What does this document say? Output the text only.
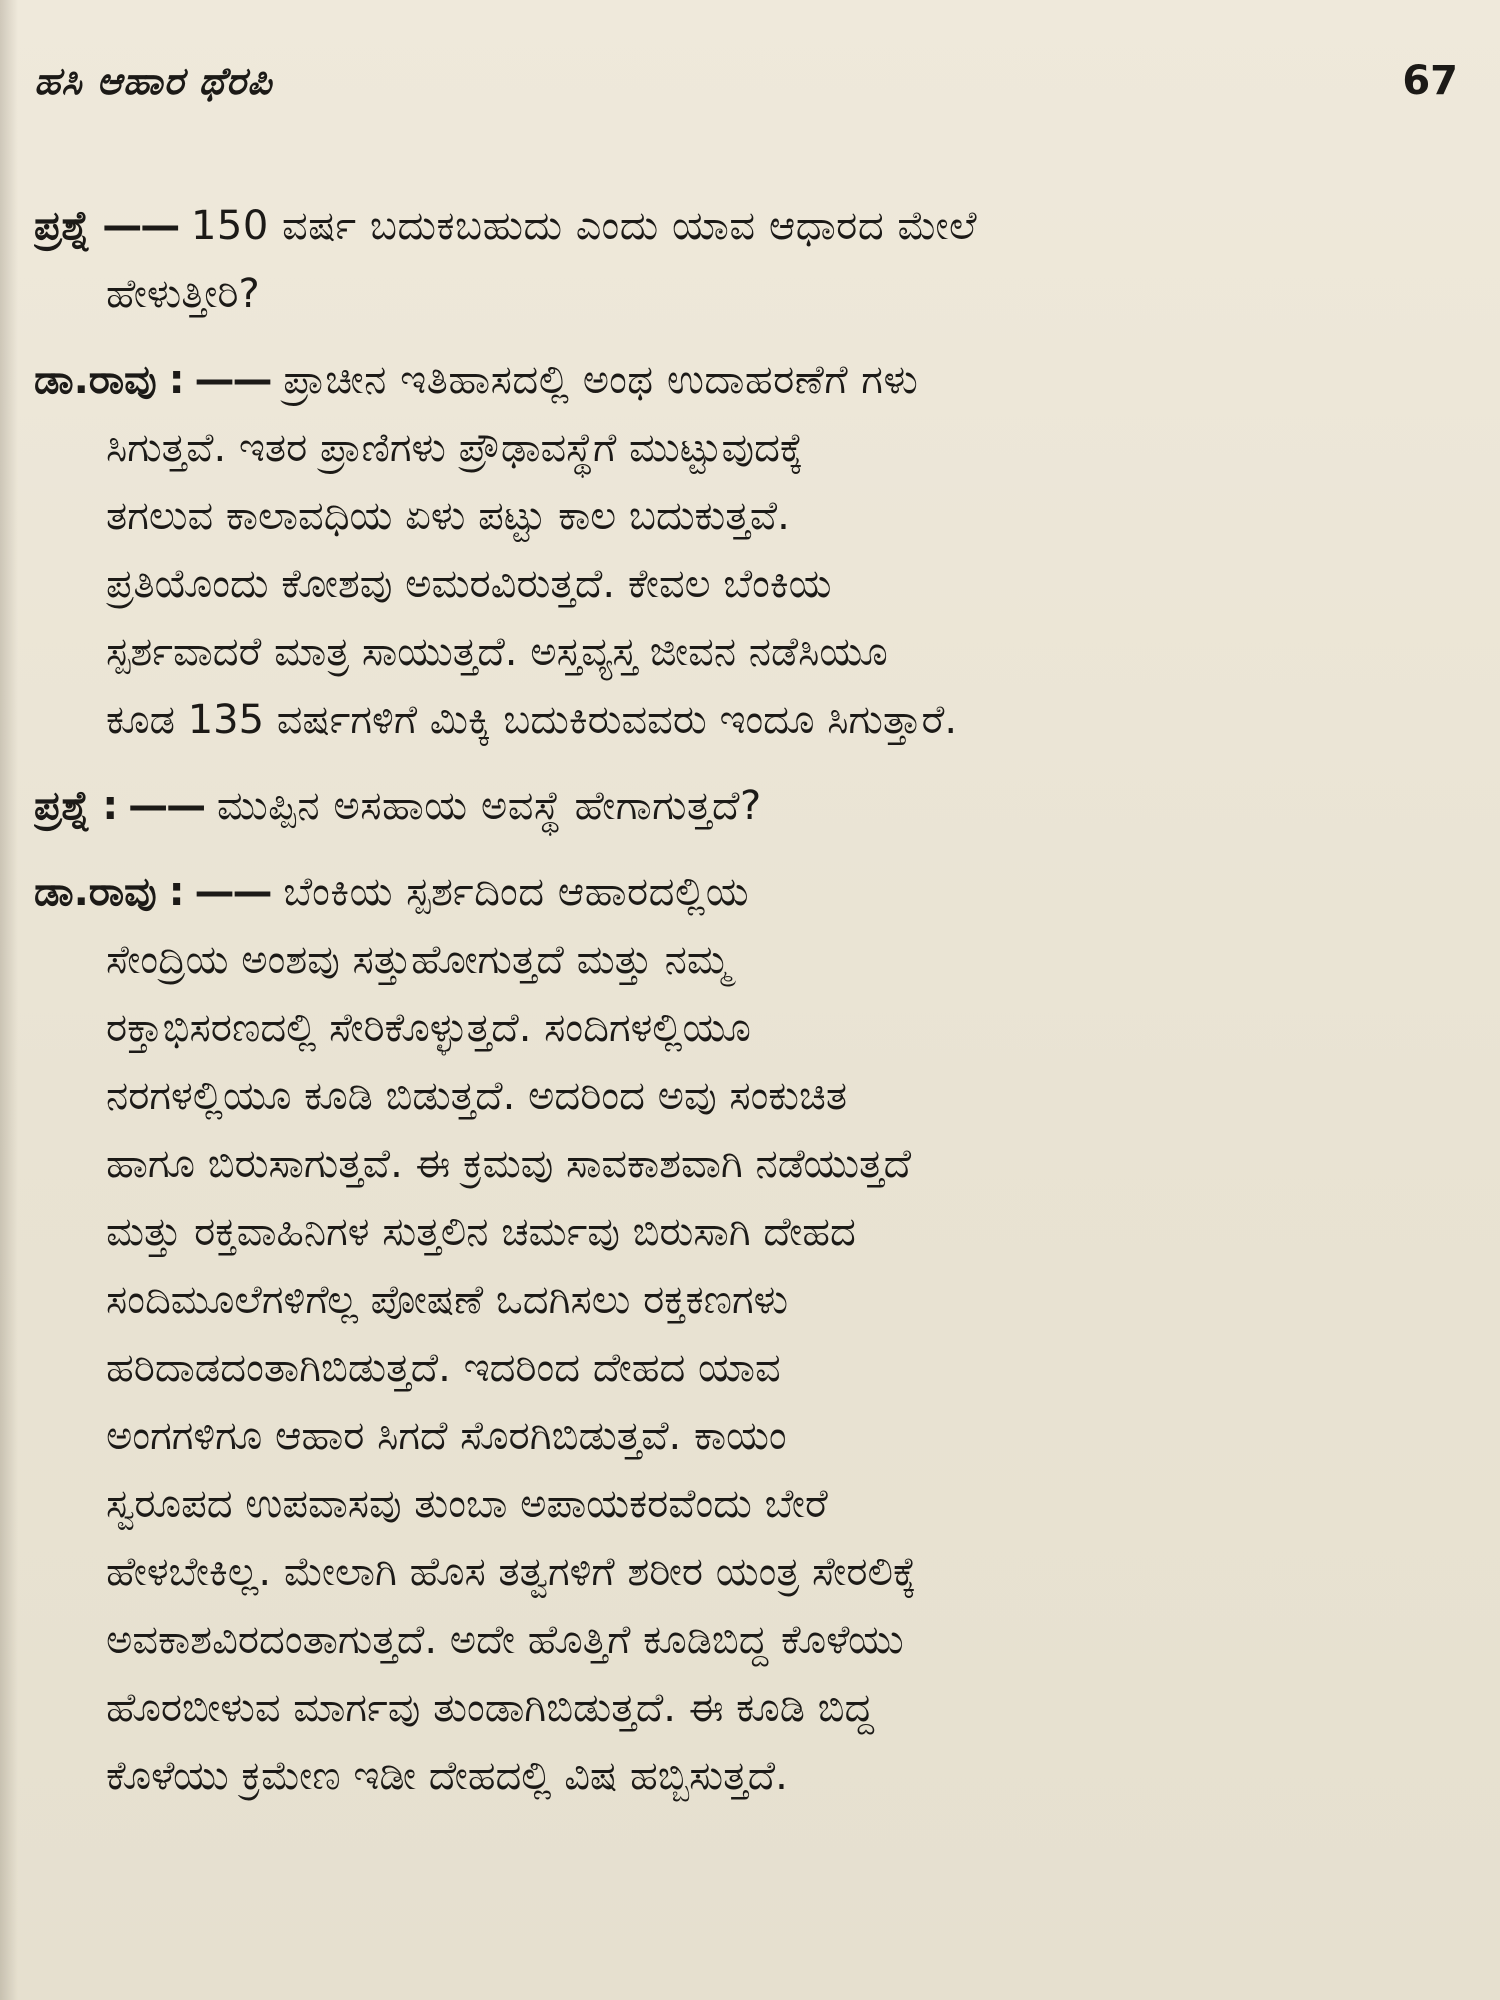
ಹಸಿ ಆಹಾರ ಥೆರಪಿ	67
ಪ್ರಶ್ನೆ —— 150 ವರ್ಷ ಬದುಕಬಹುದು ಎಂದು ಯಾವ ಆಧಾರದ ಮೇಲೆ
ಹೇಳುತ್ತೀರಿ?
ಡಾ.ರಾವು : —— ಪ್ರಾಚೀನ ಇತಿಹಾಸದಲ್ಲಿ ಅಂಥ ಉದಾಹರಣೆಗೆ ಗಳು
ಸಿಗುತ್ತವೆ. ಇತರ ಪ್ರಾಣಿಗಳು ಪ್ರೌಢಾವಸ್ಥೆಗೆ ಮುಟ್ಟುವುದಕ್ಕೆ
ತಗಲುವ ಕಾಲಾವಧಿಯ ಏಳು ಪಟ್ಟು ಕಾಲ ಬದುಕುತ್ತವೆ.
ಪ್ರತಿಯೊಂದು ಕೋಶವು ಅಮರವಿರುತ್ತದೆ. ಕೇವಲ ಬೆಂಕಿಯ
ಸ್ಪರ್ಶವಾದರೆ ಮಾತ್ರ ಸಾಯುತ್ತದೆ. ಅಸ್ತವ್ಯಸ್ತ ಜೀವನ ನಡೆಸಿಯೂ
ಕೂಡ 135 ವರ್ಷಗಳಿಗೆ ಮಿಕ್ಕಿ ಬದುಕಿರುವವರು ಇಂದೂ ಸಿಗುತ್ತಾರೆ.
ಪ್ರಶ್ನೆ : —— ಮುಪ್ಪಿನ ಅಸಹಾಯ ಅವಸ್ಥೆ ಹೇಗಾಗುತ್ತದೆ?
ಡಾ.ರಾವು : —— ಬೆಂಕಿಯ ಸ್ಪರ್ಶದಿಂದ ಆಹಾರದಲ್ಲಿಯ
ಸೇಂದ್ರಿಯ ಅಂಶವು ಸತ್ತುಹೋಗುತ್ತದೆ ಮತ್ತು ನಮ್ಮ
ರಕ್ತಾಭಿಸರಣದಲ್ಲಿ ಸೇರಿಕೊಳ್ಳುತ್ತದೆ. ಸಂದಿಗಳಲ್ಲಿಯೂ
ನರಗಳಲ್ಲಿಯೂ ಕೂಡಿ ಬಿಡುತ್ತದೆ. ಅದರಿಂದ ಅವು ಸಂಕುಚಿತ
ಹಾಗೂ ಬಿರುಸಾಗುತ್ತವೆ. ಈ ಕ್ರಮವು ಸಾವಕಾಶವಾಗಿ ನಡೆಯುತ್ತದೆ
ಮತ್ತು ರಕ್ತವಾಹಿನಿಗಳ ಸುತ್ತಲಿನ ಚರ್ಮವು ಬಿರುಸಾಗಿ ದೇಹದ
ಸಂದಿಮೂಲೆಗಳಿಗೆಲ್ಲ ಪೋಷಣೆ ಒದಗಿಸಲು ರಕ್ತಕಣಗಳು
ಹರಿದಾಡದಂತಾಗಿಬಿಡುತ್ತದೆ. ಇದರಿಂದ ದೇಹದ ಯಾವ
ಅಂಗಗಳಿಗೂ ಆಹಾರ ಸಿಗದೆ ಸೊರಗಿಬಿಡುತ್ತವೆ. ಕಾಯಂ
ಸ್ವರೂಪದ ಉಪವಾಸವು ತುಂಬಾ ಅಪಾಯಕರವೆಂದು ಬೇರೆ
ಹೇಳಬೇಕಿಲ್ಲ. ಮೇಲಾಗಿ ಹೊಸ ತತ್ವಗಳಿಗೆ ಶರೀರ ಯಂತ್ರ ಸೇರಲಿಕ್ಕೆ
ಅವಕಾಶವಿರದಂತಾಗುತ್ತದೆ. ಅದೇ ಹೊತ್ತಿಗೆ ಕೂಡಿಬಿದ್ದ ಕೊಳೆಯು
ಹೊರಬೀಳುವ ಮಾರ್ಗವು ತುಂಡಾಗಿಬಿಡುತ್ತದೆ. ಈ ಕೂಡಿ ಬಿದ್ದ
ಕೊಳೆಯು ಕ್ರಮೇಣ ಇಡೀ ದೇಹದಲ್ಲಿ ವಿಷ ಹಬ್ಬಿಸುತ್ತದೆ.
